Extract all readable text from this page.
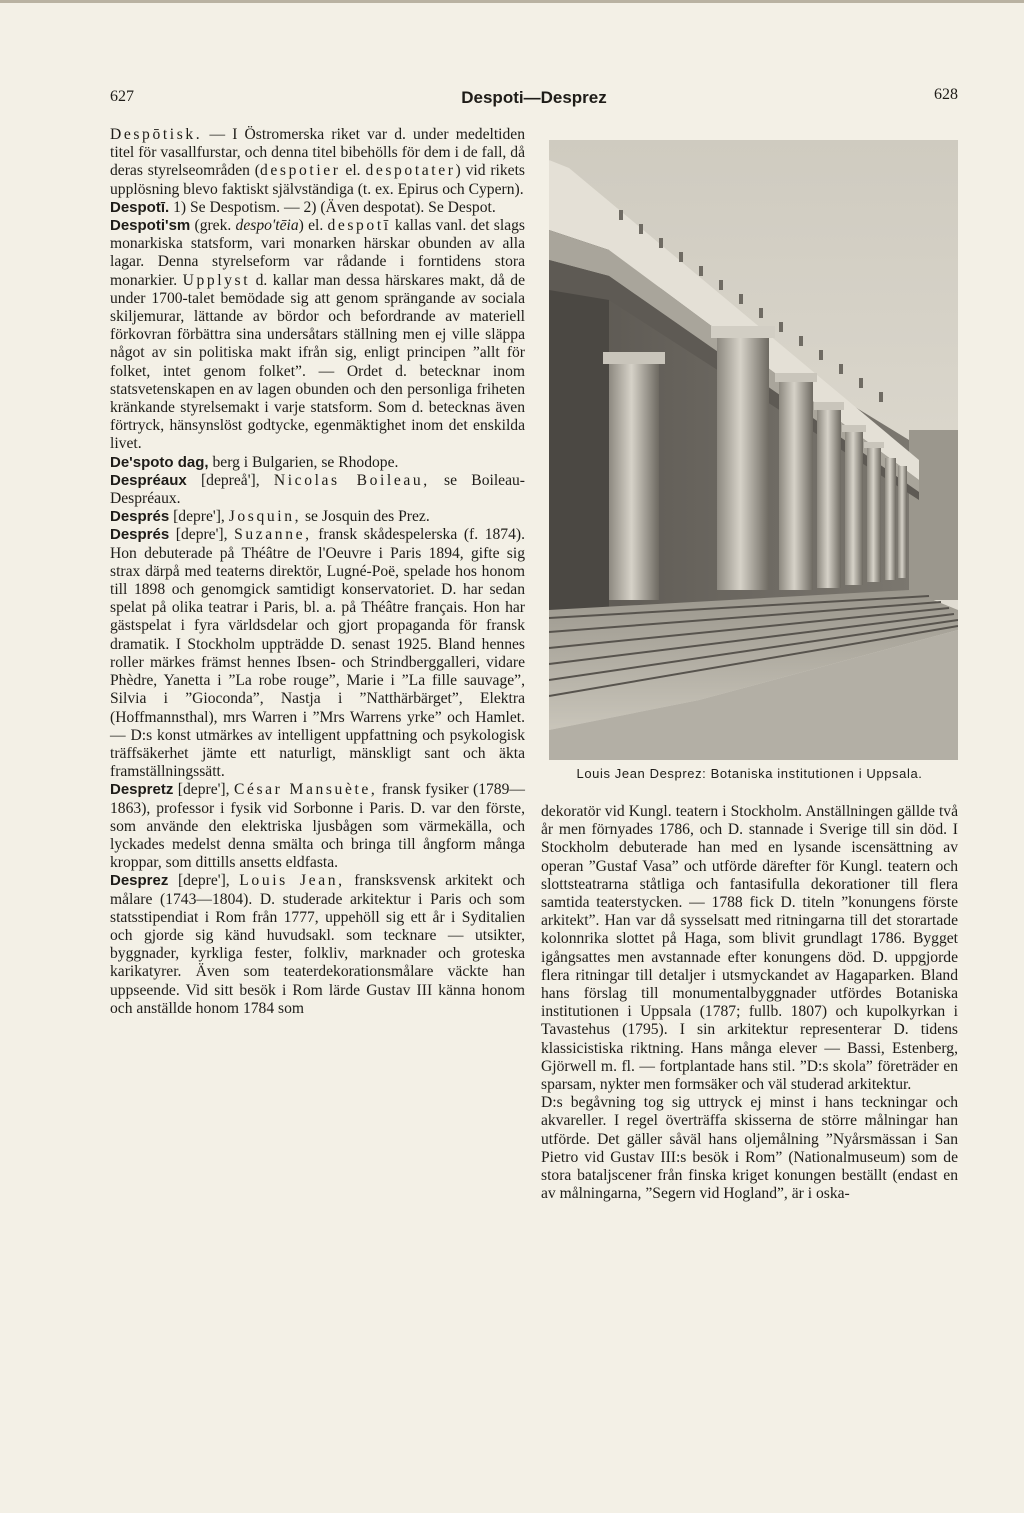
627	Despoti—Desprez	628

Despōtisk. — I Östromerska riket var d. under medeltiden titel för vasallfurstar, och denna titel bibehölls för dem i de fall, då deras styrelseområden (despotier el. despotater) vid rikets upplösning blevo faktiskt självständiga (t. ex. Epirus och Cypern).

Despotī. 1) Se Despotism. — 2) (Även despotat). Se Despot.

Despoti'sm (grek. despo'tēia) el. despotī kallas vanl. det slags monarkiska statsform, vari monarken härskar obunden av alla lagar. Denna styrelseform var rådande i forntidens stora monarkier. Upplyst d. kallar man dessa härskares makt, då de under 1700-talet bemödade sig att genom sprängande av sociala skiljemurar, lättande av bördor och befordrande av materiell förkovran förbättra sina undersåtars ställning men ej ville släppa något av sin politiska makt ifrån sig, enligt principen ”allt för folket, intet genom folket”. — Ordet d. betecknar inom statsvetenskapen en av lagen obunden och den personliga friheten kränkande styrelsemakt i varje statsform. Som d. betecknas även förtryck, hänsynslöst godtycke, egenmäktighet inom det enskilda livet.

De'spoto dag, berg i Bulgarien, se Rhodope.

Despréaux [depreå'], Nicolas Boileau, se Boileau-Despréaux.

Després [depre'], Josquin, se Josquin des Prez.

Després [depre'], Suzanne, fransk skådespelerska (f. 1874). Hon debuterade på Théâtre de l'Oeuvre i Paris 1894, gifte sig strax därpå med teaterns direktör, Lugné-Poë, spelade hos honom till 1898 och genomgick samtidigt konservatoriet. D. har sedan spelat på olika teatrar i Paris, bl. a. på Théâtre français. Hon har gästspelat i fyra världsdelar och gjort propaganda för fransk dramatik. I Stockholm uppträdde D. senast 1925. Bland hennes roller märkes främst hennes Ibsen- och Strindberggalleri, vidare Phèdre, Yanetta i ”La robe rouge”, Marie i ”La fille sauvage”, Silvia i ”Gioconda”, Nastja i ”Natthärbärget”, Elektra (Hoffmannsthal), mrs Warren i ”Mrs Warrens yrke” och Hamlet. — D:s konst utmärkes av intelligent uppfattning och psykologisk träffsäkerhet jämte ett naturligt, mänskligt sant och äkta framställningssätt.

Despretz [depre'], César Mansuète, fransk fysiker (1789—1863), professor i fysik vid Sorbonne i Paris. D. var den förste, som använde den elektriska ljusbågen som värmekälla, och lyckades medelst denna smälta och bringa till ångform många kroppar, som dittills ansetts eldfasta.

Desprez [depre'], Louis Jean, fransksvensk arkitekt och målare (1743—1804). D. studerade arkitektur i Paris och som statsstipendiat i Rom från 1777, uppehöll sig ett år i Syditalien och gjorde sig känd huvudsakl. som tecknare — utsikter, byggnader, kyrkliga fester, folkliv, marknader och groteska karikatyrer. Även som teaterdekorationsmålare väckte han uppseende. Vid sitt besök i Rom lärde Gustav III känna honom och anställde honom 1784 som

Louis Jean Desprez: Botaniska institutionen i Uppsala.

dekoratör vid Kungl. teatern i Stockholm. Anställningen gällde två år men förnyades 1786, och D. stannade i Sverige till sin död. I Stockholm debuterade han med en lysande iscensättning av operan ”Gustaf Vasa” och utförde därefter för Kungl. teatern och slottsteatrarna ståtliga och fantasifulla dekorationer till flera samtida teaterstycken. — 1788 fick D. titeln ”konungens förste arkitekt”. Han var då sysselsatt med ritningarna till det storartade kolonnrika slottet på Haga, som blivit grundlagt 1786. Bygget igångsattes men avstannade efter konungens död. D. uppgjorde flera ritningar till detaljer i utsmyckandet av Hagaparken. Bland hans förslag till monumentalbyggnader utfördes Botaniska institutionen i Uppsala (1787; fullb. 1807) och kupolkyrkan i Tavastehus (1795). I sin arkitektur representerar D. tidens klassicistiska riktning. Hans många elever — Bassi, Estenberg, Gjörwell m. fl. — fortplantade hans stil. ”D:s skola” företräder en sparsam, nykter men formsäker och väl studerad arkitektur.

D:s begåvning tog sig uttryck ej minst i hans teckningar och akvareller. I regel överträffa skisserna de större målningar han utförde. Det gäller såväl hans oljemålning ”Nyårsmässan i San Pietro vid Gustav III:s besök i Rom” (Nationalmuseum) som de stora bataljscener från finska kriget konungen beställt (endast en av målningarna, ”Segern vid Hogland”, är i oska-
